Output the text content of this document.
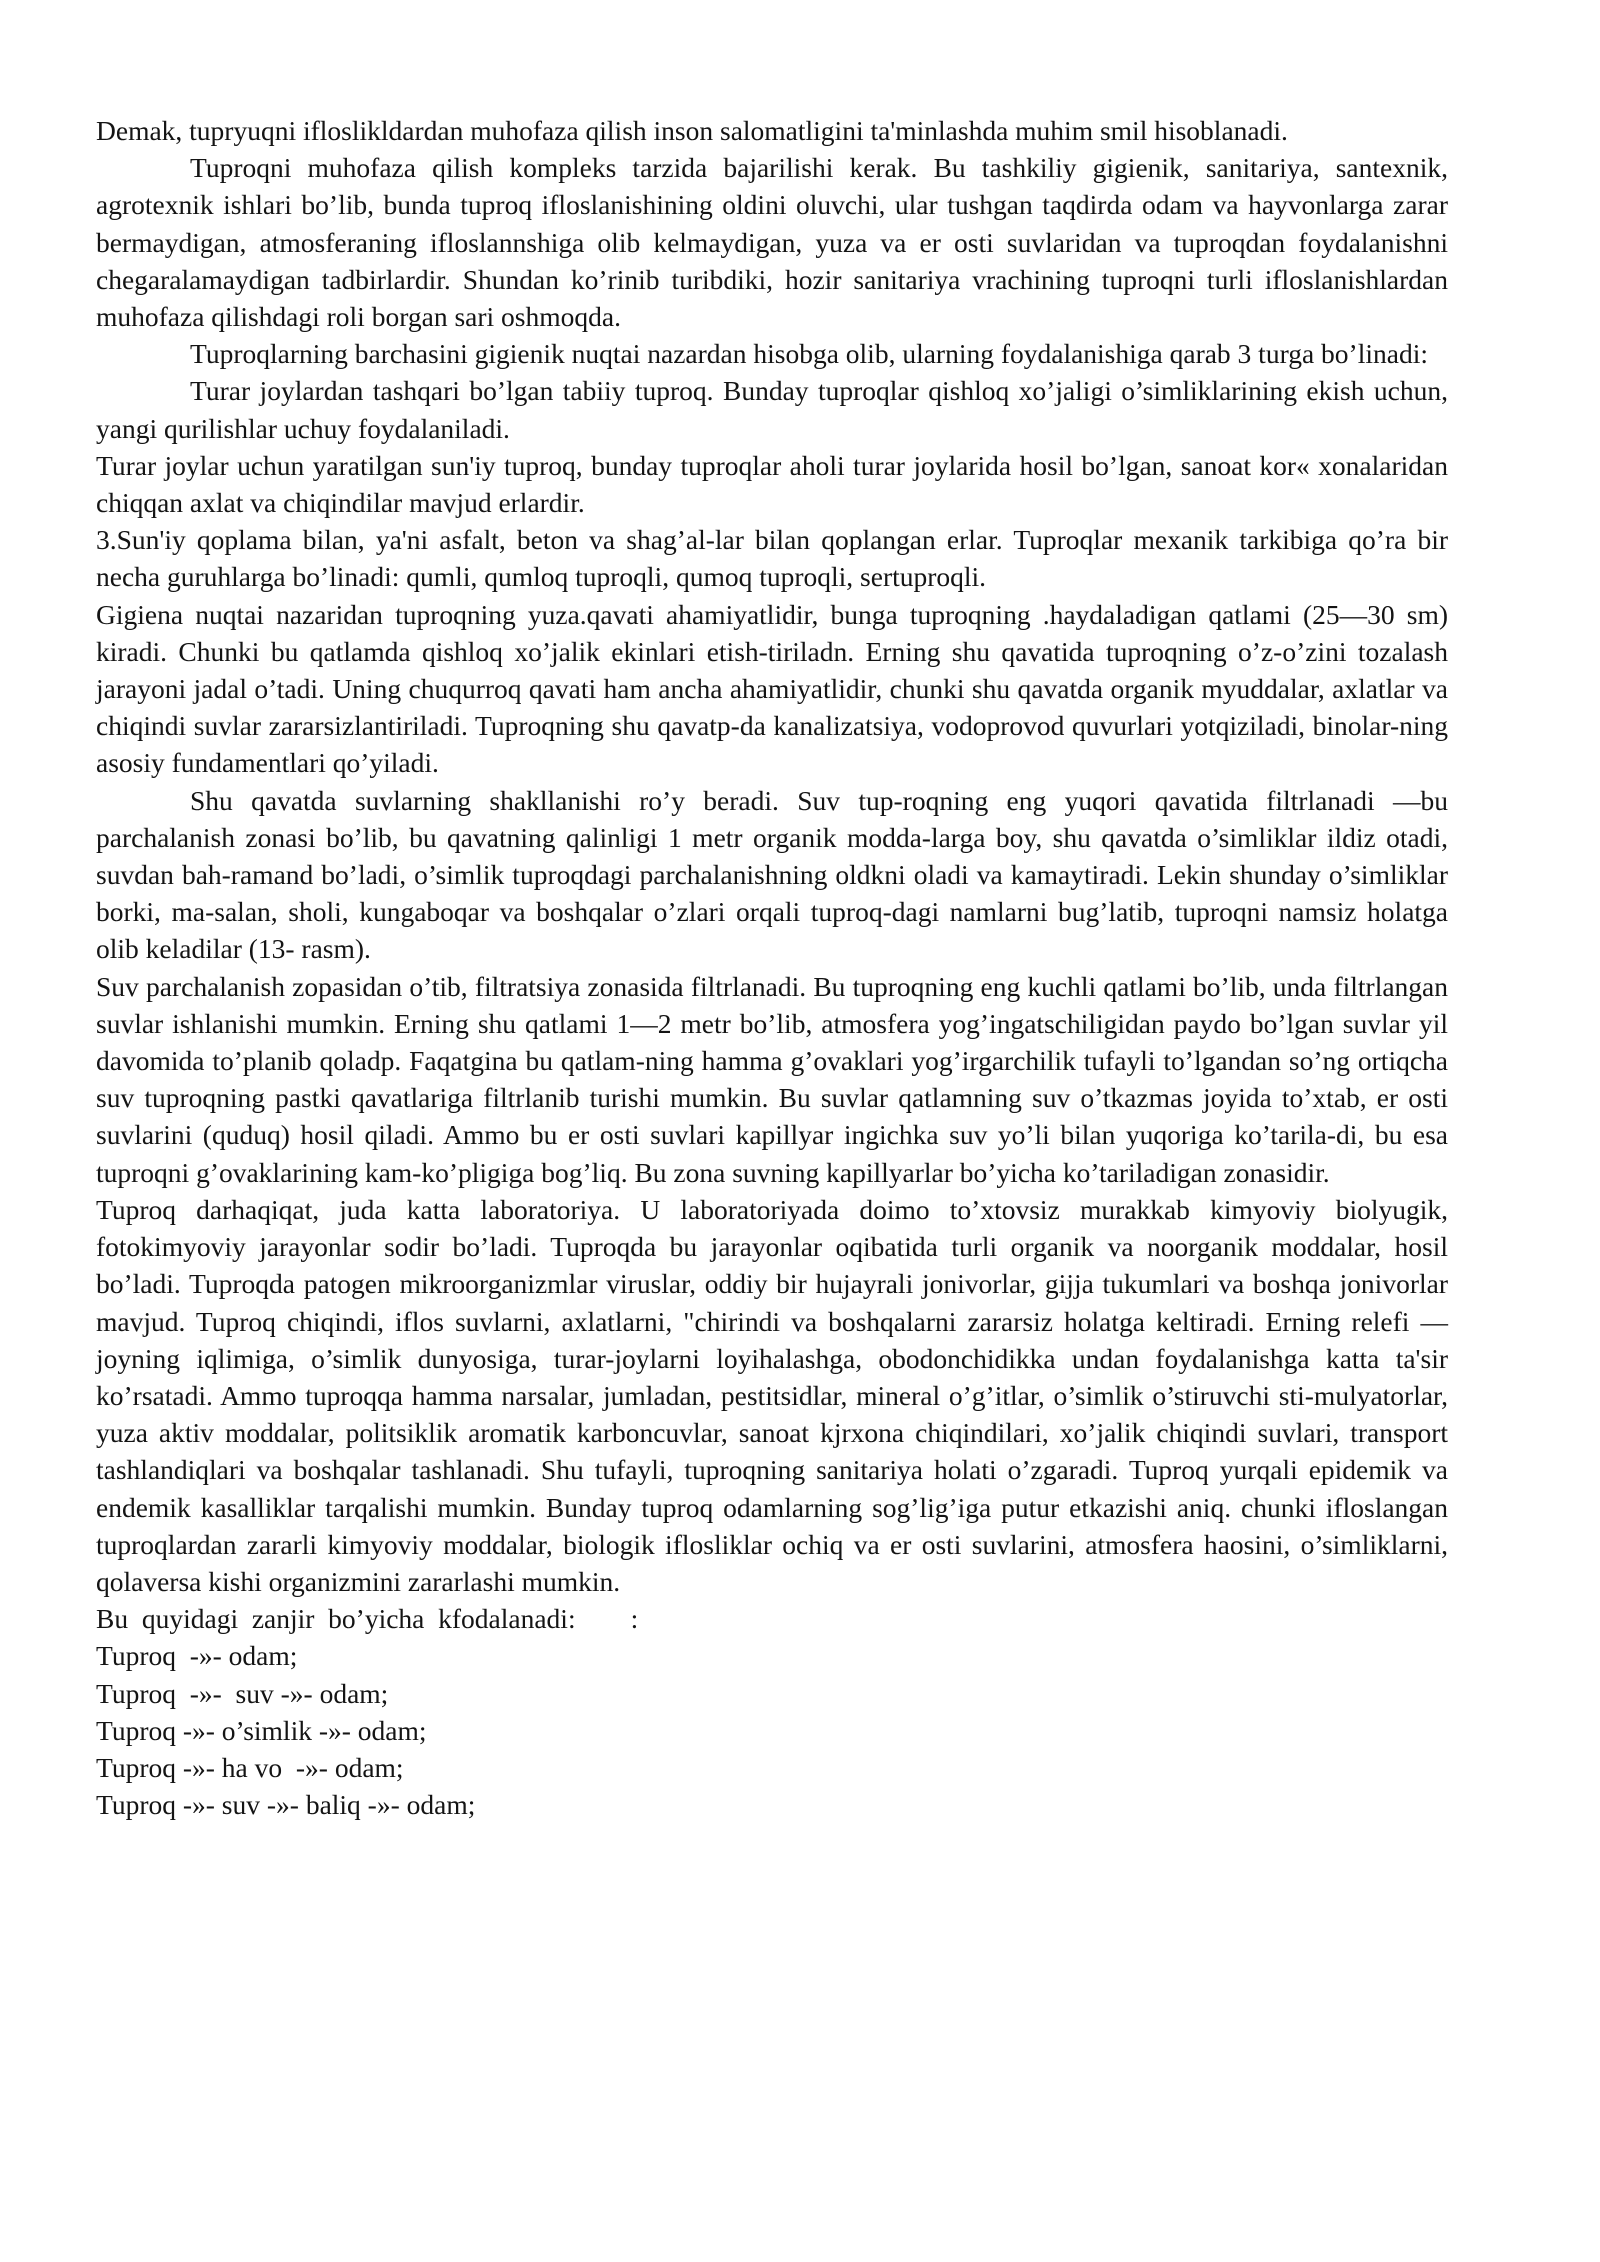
Demak, tupryuqni ifloslikldardan muhofaza qilish inson salomatligini ta'minlashda muhim smil hisoblanadi.

Tuproqni muhofaza qilish kompleks tarzida bajarilishi kerak. Bu tashkiliy gigienik, sanitariya, santexnik, agrotexnik ishlari bo’lib, bunda tuproq ifloslanishining oldini oluvchi, ular tushgan taqdirda odam va hayvonlarga zarar bermaydigan, atmosferaning ifloslannshiga olib kelmaydigan, yuza va er osti suvlaridan va tuproqdan foydalanishni chegaralamaydigan tadbirlardir. Shundan ko’rinib turibdiki, hozir sanitariya vrachining tuproqni turli ifloslanishlardan muhofaza qilishdagi roli borgan sari oshmoqda.

Tuproqlarning barchasini gigienik nuqtai nazardan hisobga olib, ularning foydalanishiga qarab 3 turga bo’linadi:

Turar joylardan tashqari bo’lgan tabiiy tuproq. Bunday tuproqlar qishloq xo’jaligi o’simliklarining ekish uchun, yangi qurilishlar uchuy foydalaniladi.

Turar joylar uchun yaratilgan sun'iy tuproq, bunday tuproqlar aholi turar joylarida hosil bo’lgan, sanoat kor« xonalaridan chiqqan axlat va chiqindilar mavjud erlardir.

3.Sun'iy qoplama bilan, ya'ni asfalt, beton va shag’al-lar bilan qoplangan erlar. Tuproqlar mexanik tarkibiga qo’ra bir necha guruhlarga bo’linadi: qumli, qumloq tuproqli, qumoq tuproqli, sertuproqli.

Gigiena nuqtai nazaridan tuproqning yuza.qavati ahamiyatlidir, bunga tuproqning .haydaladigan qatlami (25—30 sm) kiradi. Chunki bu qatlamda qishloq xo’jalik ekinlari etish-tiriladn. Erning shu qavatida tuproqning o’z-o’zini tozalash jarayoni jadal o’tadi. Uning chuqurroq qavati ham ancha ahamiyatlidir, chunki shu qavatda organik myuddalar, axlatlar va chiqindi suvlar zararsizlantiriladi. Tuproqning shu qavatp-da kanalizatsiya, vodoprovod quvurlari yotqiziladi, binolar-ning asosiy fundamentlari qo’yiladi.

Shu qavatda suvlarning shakllanishi ro’y beradi. Suv tup-roqning eng yuqori qavatida filtrlanadi —bu parchalanish zonasi bo’lib, bu qavatning qalinligi 1 metr organik modda-larga boy, shu qavatda o’simliklar ildiz otadi, suvdan bah-ramand bo’ladi, o’simlik tuproqdagi parchalanishning oldkni oladi va kamaytiradi. Lekin shunday o’simliklar borki, ma-salan, sholi, kungaboqar va boshqalar o’zlari orqali tuproq-dagi namlarni bug’latib, tuproqni namsiz holatga olib keladilar (13- rasm).

Suv parchalanish zopasidan o’tib, filtratsiya zonasida filtrlanadi. Bu tuproqning eng kuchli qatlami bo’lib, unda filtrlangan suvlar ishlanishi mumkin. Erning shu qatlami 1—2 metr bo’lib, atmosfera yog’ingatschiligidan paydo bo’lgan suvlar yil davomida to’planib qoladp. Faqatgina bu qatlam-ning hamma g’ovaklari yog’irgarchilik tufayli to’lgandan so’ng ortiqcha suv tuproqning pastki qavatlariga filtrlanib turishi mumkin. Bu suvlar qatlamning suv o’tkazmas joyida to’xtab, er osti suvlarini (quduq) hosil qiladi. Ammo bu er osti suvlari kapillyar ingichka suv yo’li bilan yuqoriga ko’tarila-di, bu esa tuproqni g’ovaklarining kam-ko’pligiga bog’liq. Bu zona suvning kapillyarlar bo’yicha ko’tariladigan zonasidir.

Tuproq darhaqiqat, juda katta laboratoriya. U laboratoriyada doimo to’xtovsiz murakkab kimyoviy biolyugik, fotokimyoviy jarayonlar sodir bo’ladi. Tuproqda bu jarayonlar oqibatida turli organik va noorganik moddalar, hosil bo’ladi. Tuproqda patogen mikroorganizmlar viruslar, oddiy bir hujayrali jonivorlar, gijja tukumlari va boshqa jonivorlar mavjud. Tuproq chiqindi, iflos suvlarni, axlatlarni, "chirindi va boshqalarni zararsiz holatga keltiradi. Erning relefi — joyning iqlimiga, o’simlik dunyosiga, turar-joylarni loyihalashga, obodonchidikka undan foydalanishga katta ta'sir ko’rsatadi. Ammo tuproqqa hamma narsalar, jumladan, pestitsidlar, mineral o’g’itlar, o’simlik o’stiruvchi sti-mulyatorlar, yuza aktiv moddalar, politsiklik aromatik karboncuvlar, sanoat kjrxona chiqindilari, xo’jalik chiqindi suvlari, transport tashlandiqlari va boshqalar tashlanadi. Shu tufayli, tuproqning sanitariya holati o’zgaradi. Tuproq yurqali epidemik va endemik kasalliklar tarqalishi mumkin. Bunday tuproq odamlarning sog’lig’iga putur etkazishi aniq. chunki ifloslangan tuproqlardan zararli kimyoviy moddalar, biologik iflosliklar ochiq va er osti suvlarini, atmosfera haosini, o’simliklarni, qolaversa kishi organizmini zararlashi mumkin.

Bu  quyidagi  zanjir  bo’yicha  kfodalanadi:        :

Tuproq  -»- odam;

Tuproq  -»-  suv -»- odam;

Tuproq -»- o’simlik -»- odam;

Tuproq -»- ha vo  -»- odam;

Tuproq -»- suv -»- baliq -»- odam;
